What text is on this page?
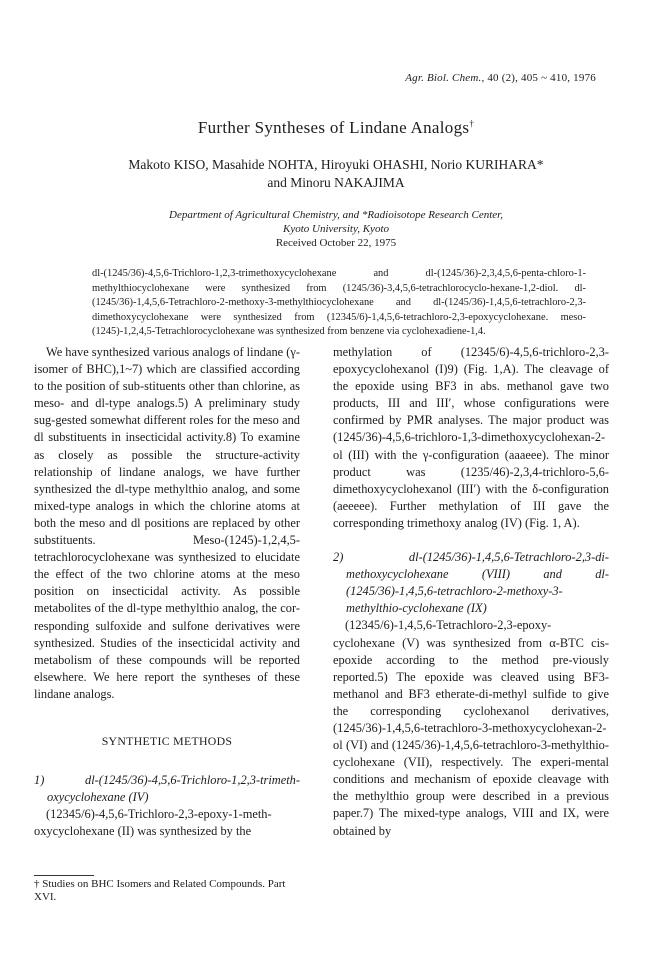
Agr. Biol. Chem., 40 (2), 405 ~ 410, 1976
Further Syntheses of Lindane Analogs†
Makoto KISO, Masahide NOHTA, Hiroyuki OHASHI, Norio KURIHARA*
and Minoru NAKAJIMA
Department of Agricultural Chemistry, and *Radioisotope Research Center,
Kyoto University, Kyoto
Received October 22, 1975

dl-(1245/36)-4,5,6-Trichloro-1,2,3-trimethoxycyclohexane and dl-(1245/36)-2,3,4,5,6-penta-chloro-1-methylthiocyclohexane were synthesized from (1245/36)-3,4,5,6-tetrachlorocyclo-hexane-1,2-diol. dl-(1245/36)-1,4,5,6-Tetrachloro-2-methoxy-3-methylthiocyclohexane and dl-(1245/36)-1,4,5,6-tetrachloro-2,3-dimethoxycyclohexane were synthesized from (12345/6)-1,4,5,6-tetrachloro-2,3-epoxycyclohexane. meso-(1245)-1,2,4,5-Tetrachlorocyclohexane was synthesized from benzene via cyclohexadiene-1,4.

We have synthesized various analogs of lindane (γ-isomer of BHC),1~7) which are classified according to the position of sub-stituents other than chlorine, as meso- and dl-type analogs.5) A preliminary study sug-gested somewhat different roles for the meso and dl substituents in insecticidal activity.8) To examine as closely as possible the structure-activity relationship of lindane analogs, we have further synthesized the dl-type methylthio analog, and some mixed-type analogs in which the chlorine atoms at both the meso and dl positions are replaced by other substituents. Meso-(1245)-1,2,4,5-tetrachlorocyclohexane was synthesized to elucidate the effect of the two chlorine atoms at the meso position on insecticidal activity. As possible metabolites of the dl-type methylthio analog, the cor-responding sulfoxide and sulfone derivatives were synthesized. Studies of the insecticidal activity and metabolism of these compounds will be reported elsewhere. We here report the syntheses of these lindane analogs.

SYNTHETIC METHODS

1) dl-(1245/36)-4,5,6-Trichloro-1,2,3-trimeth-oxycyclohexane (IV)

(12345/6)-4,5,6-Trichloro-2,3-epoxy-1-meth-oxycyclohexane (II) was synthesized by the

methylation of (12345/6)-4,5,6-trichloro-2,3-epoxycyclohexanol (I)9) (Fig. 1,A). The cleavage of the epoxide using BF3 in abs. methanol gave two products, III and III′, whose configurations were confirmed by PMR analyses. The major product was (1245/36)-4,5,6-trichloro-1,3-dimethoxycyclohexan-2-ol (III) with the γ-configuration (aaaeee). The minor product was (1235/46)-2,3,4-trichloro-5,6-dimethoxycyclohexanol (III′) with the δ-configuration (aeeeee). Further methylation of III gave the corresponding trimethoxy analog (IV) (Fig. 1, A).

2) dl-(1245/36)-1,4,5,6-Tetrachloro-2,3-di-methoxycyclohexane (VIII) and dl-(1245/36)-1,4,5,6-tetrachloro-2-methoxy-3-methylthio-cyclohexane (IX)

(12345/6)-1,4,5,6-Tetrachloro-2,3-epoxy-cyclohexane (V) was synthesized from α-BTC cis-epoxide according to the method pre-viously reported.5) The epoxide was cleaved using BF3-methanol and BF3 etherate-di-methyl sulfide to give the corresponding cyclohexanol derivatives, (1245/36)-1,4,5,6-tetrachloro-3-methoxycyclohexan-2-ol (VI) and (1245/36)-1,4,5,6-tetrachloro-3-methylthio-cyclohexane (VII), respectively. The experi-mental conditions and mechanism of epoxide cleavage with the methylthio group were described in a previous paper.7) The mixed-type analogs, VIII and IX, were obtained by

† Studies on BHC Isomers and Related Compounds. Part XVI.
